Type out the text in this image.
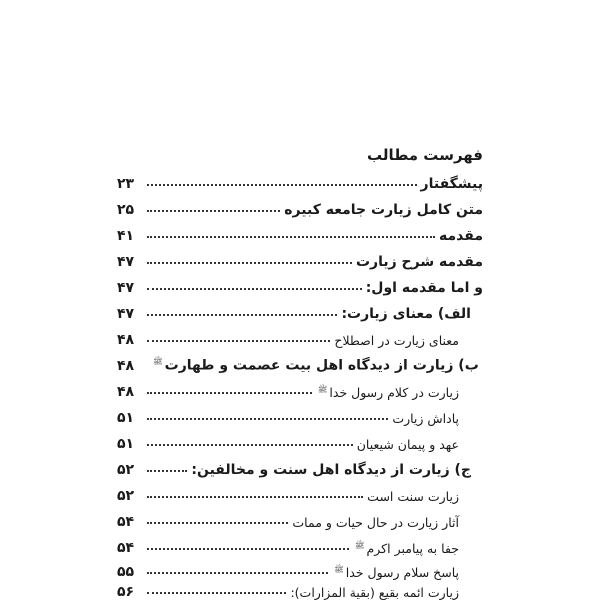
فهرست مطالب
۲۳	پیشگفتار
۲۵	متن کامل زیارت جامعه کبیره
۴۱	مقدمه
۴۷	مقدمه شرح زیارت
۴۷	و اما مقدمه اول:
۴۷	الف) معنای زیارت:
۴۸	معنای زیارت در اصطلاح
۴۸	ب) زیارت از دیدگاه اهل بیت عصمت و طهارتﷺ
۴۸	زیارت در کلام رسول خداﷺ
۵۱	پاداش زیارت
۵۱	عهد و پیمان شیعیان
۵۲	ج) زیارت از دیدگاه اهل سنت و مخالفین:
۵۲	زیارت سنت است
۵۴	آثار زیارت در حال حیات و ممات
۵۴	جفا به پیامبر اکرمﷺ
۵۵	پاسخ سلام رسول خداﷺ
۵۶	زیارت ائمه بقیع (بقیة المزارات):
